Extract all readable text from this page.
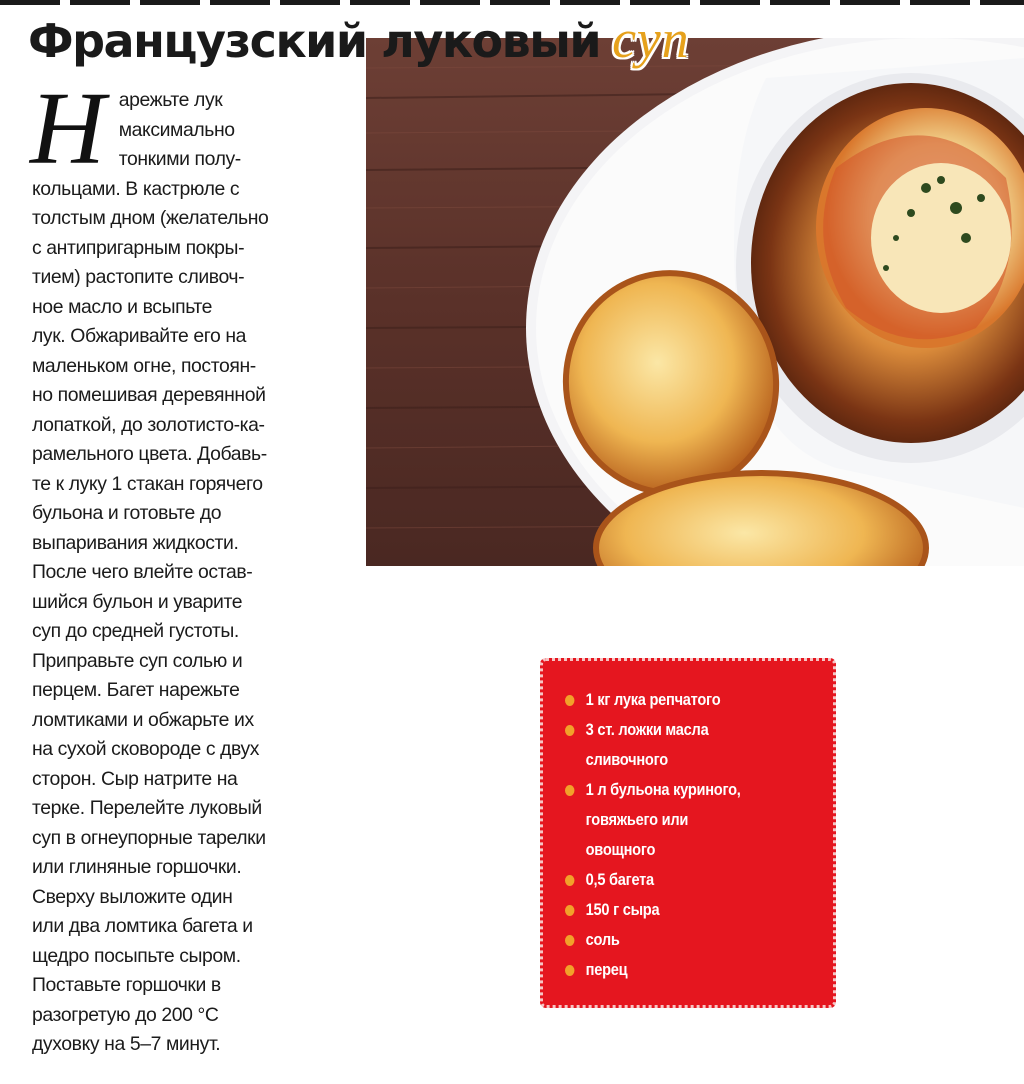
Французский луковый суп
Н арежьте лук
максимально
тонкими полу-
кольцами. В кастрюле с
толстым дном (желательно
с антипригарным покры-
тием) растопите сливоч-
ное масло и всыпьте
лук. Обжаривайте его на
маленьком огне, постоян-
но помешивая деревянной
лопаткой, до золотисто-ка-
рамельного цвета. Добавь-
те к луку 1 стакан горячего
бульона и готовьте до
выпаривания жидкости.
После чего влейте остав-
шийся бульон и уварите
суп до средней густоты.
Приправьте суп солью и
перцем. Багет нарежьте
ломтиками и обжарьте их
на сухой сковороде с двух
сторон. Сыр натрите на
терке. Перелейте луковый
суп в огнеупорные тарелки
или глиняные горшочки.
Сверху выложите один
или два ломтика багета и
щедро посыпьте сыром.
Поставьте горшочки в
разогретую до 200 °С
духовку на 5–7 минут.
1 кг лука репчатого
3 ст. ложки масла
сливочного
1 л бульона куриного,
говяжьего или
овощного
0,5 багета
150 г сыра
соль
перец
